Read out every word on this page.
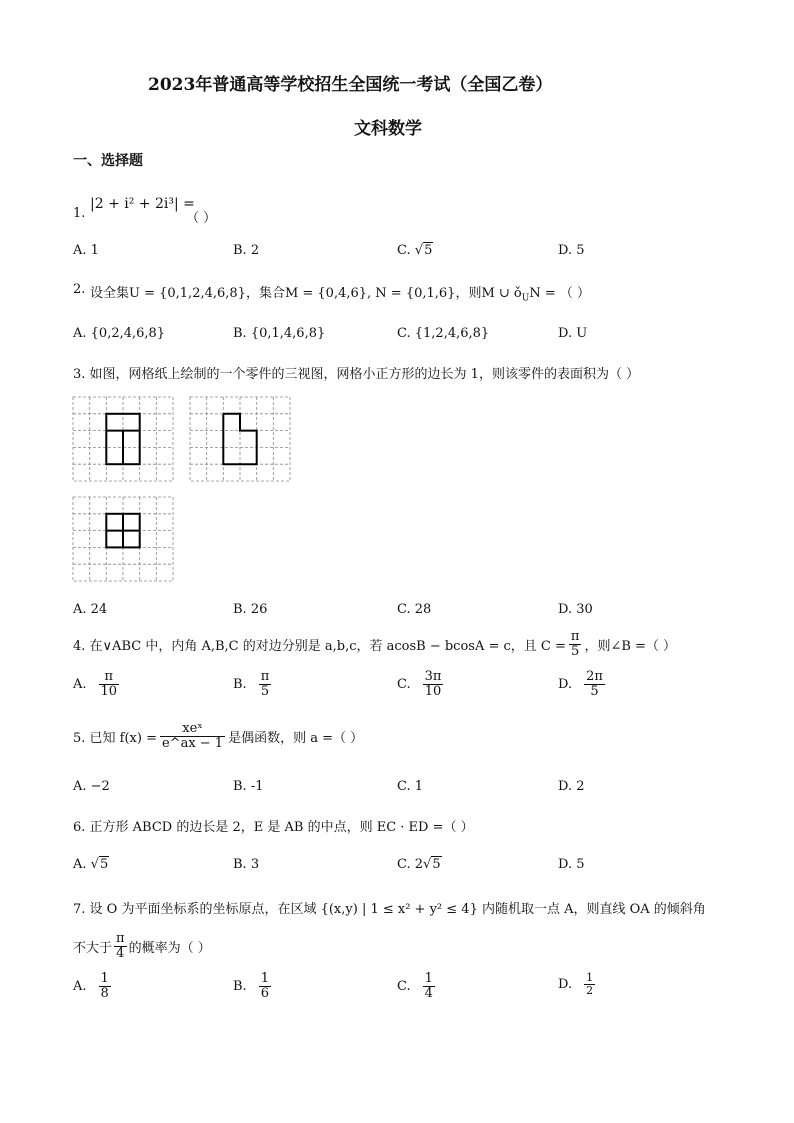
2023年普通高等学校招生全国统一考试（全国乙卷）
文科数学
一、选择题
1.
|2 + i² + 2i³| =
（ ）
A. 1	B. 2	C. √5	D. 5
2. 设全集U = {0,1,2,4,6,8}，集合M = {0,4,6}, N = {0,1,6}，则M ∪ $ǒ_UN$ = （ ）
A. {0,2,4,6,8}	B. {0,1,4,6,8}	C. {1,2,4,6,8}	D. U
3. 如图，网格纸上绘制的一个零件的三视图，网格小正方形的边长为 1，则该零件的表面积为（ ）
A. 24	B. 26	C. 28	D. 30
4. 在∨ABC 中，内角 A,B,C 的对边分别是 a,b,c，若 acosB − bcosA = c，且 $C = \frac{\pi}{5}$ ，则∠B =（ ）
A. $\frac{\pi}{10}$	B. $\frac{\pi}{5}$	C. $\frac{3\pi}{10}$	D. $\frac{2\pi}{5}$
5. 已知 $f(x) = \frac{\text{xeˣ}}{e\^{}ax - 1}$ 是偶函数，则 a =（ ）
A. −2	B. -1	C. 1	D. 2
6. 正方形 ABCD 的边长是 2，E 是 AB 的中点，则 EC · ED =（ ）
A. √5	B. 3	C. 2√5	D. 5
7. 设 O 为平面坐标系的坐标原点，在区域 {(x,y) | 1 ≤ x² + y² ≤ 4} 内随机取一点 A，则直线 OA 的倾斜角
不大于 $\frac{\pi}{4}$ 的概率为（ ）
A. $\frac{1}{8}$	B. $\frac{1}{6}$	C. $\frac{1}{4}$	D. $\frac{1}{2}$
